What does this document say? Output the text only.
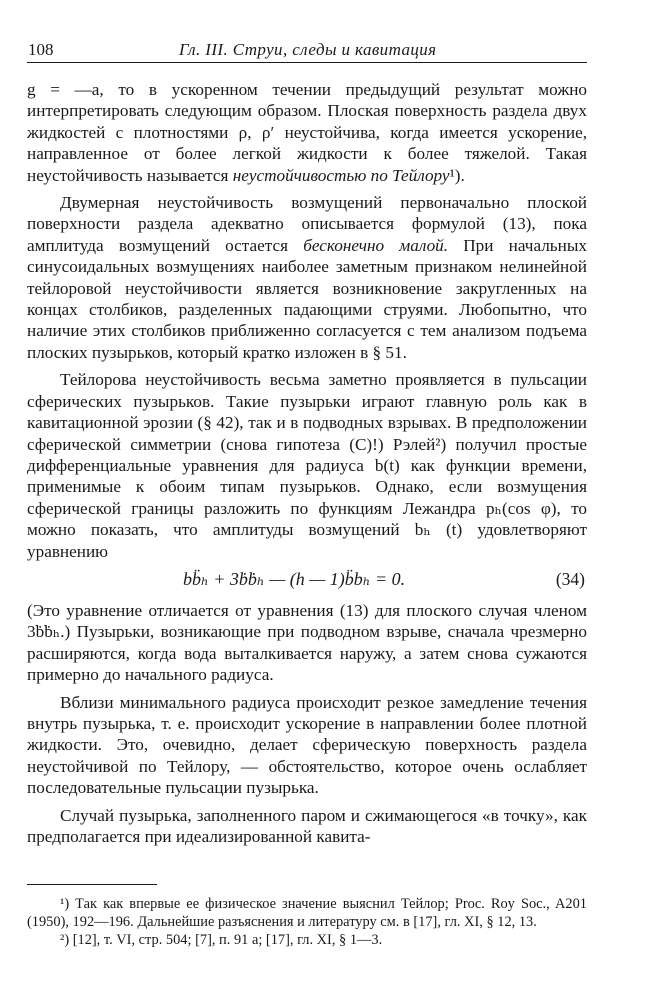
108	Гл. III. Струи, следы и кавитация

g = —a, то в ускоренном течении предыдущий результат можно интерпретировать следующим образом. Плоская поверхность раздела двух жидкостей с плотностями ρ, ρ′ неустойчива, когда имеется ускорение, направленное от более легкой жидкости к более тяжелой. Такая неустойчивость называется неустойчивостью по Тейлору¹).

Двумерная неустойчивость возмущений первоначально плоской поверхности раздела адекватно описывается формулой (13), пока амплитуда возмущений остается бесконечно малой. При начальных синусоидальных возмущениях наиболее заметным признаком нелинейной тейлоровой неустойчивости является возникновение закругленных на концах столбиков, разделенных падающими струями. Любопытно, что наличие этих столбиков приближенно согласуется с тем анализом подъема плоских пузырьков, который кратко изложен в § 51.

Тейлорова неустойчивость весьма заметно проявляется в пульсации сферических пузырьков. Такие пузырьки играют главную роль как в кавитационной эрозии (§ 42), так и в подводных взрывах. В предположении сферической симметрии (снова гипотеза (C)!) Рэлей²) получил простые дифференциальные уравнения для радиуса b(t) как функции времени, применимые к обоим типам пузырьков. Однако, если возмущения сферической границы разложить по функциям Лежандра pₕ(cos φ), то можно показать, что амплитуды возмущений bₕ (t) удовлетворяют уравнению

bb̈ₕ + 3ḃḃₕ — (h — 1)b̈bₕ = 0.	(34)

(Это уравнение отличается от уравнения (13) для плоского случая членом 3ḃḃₕ.) Пузырьки, возникающие при подводном взрыве, сначала чрезмерно расширяются, когда вода выталкивается наружу, а затем снова сужаются примерно до начального радиуса.

Вблизи минимального радиуса происходит резкое замедление течения внутрь пузырька, т. е. происходит ускорение в направлении более плотной жидкости. Это, очевидно, делает сферическую поверхность раздела неустойчивой по Тейлору, — обстоятельство, которое очень ослабляет последовательные пульсации пузырька.

Случай пузырька, заполненного паром и сжимающегося «в точку», как предполагается при идеализированной кавита-

¹) Так как впервые ее физическое значение выяснил Тейлор; Proc. Roy Soc., A201 (1950), 192—196. Дальнейшие разъяснения и литературу см. в [17], гл. XI, § 12, 13.

²) [12], т. VI, стр. 504; [7], п. 91 а; [17], гл. XI, § 1—3.
